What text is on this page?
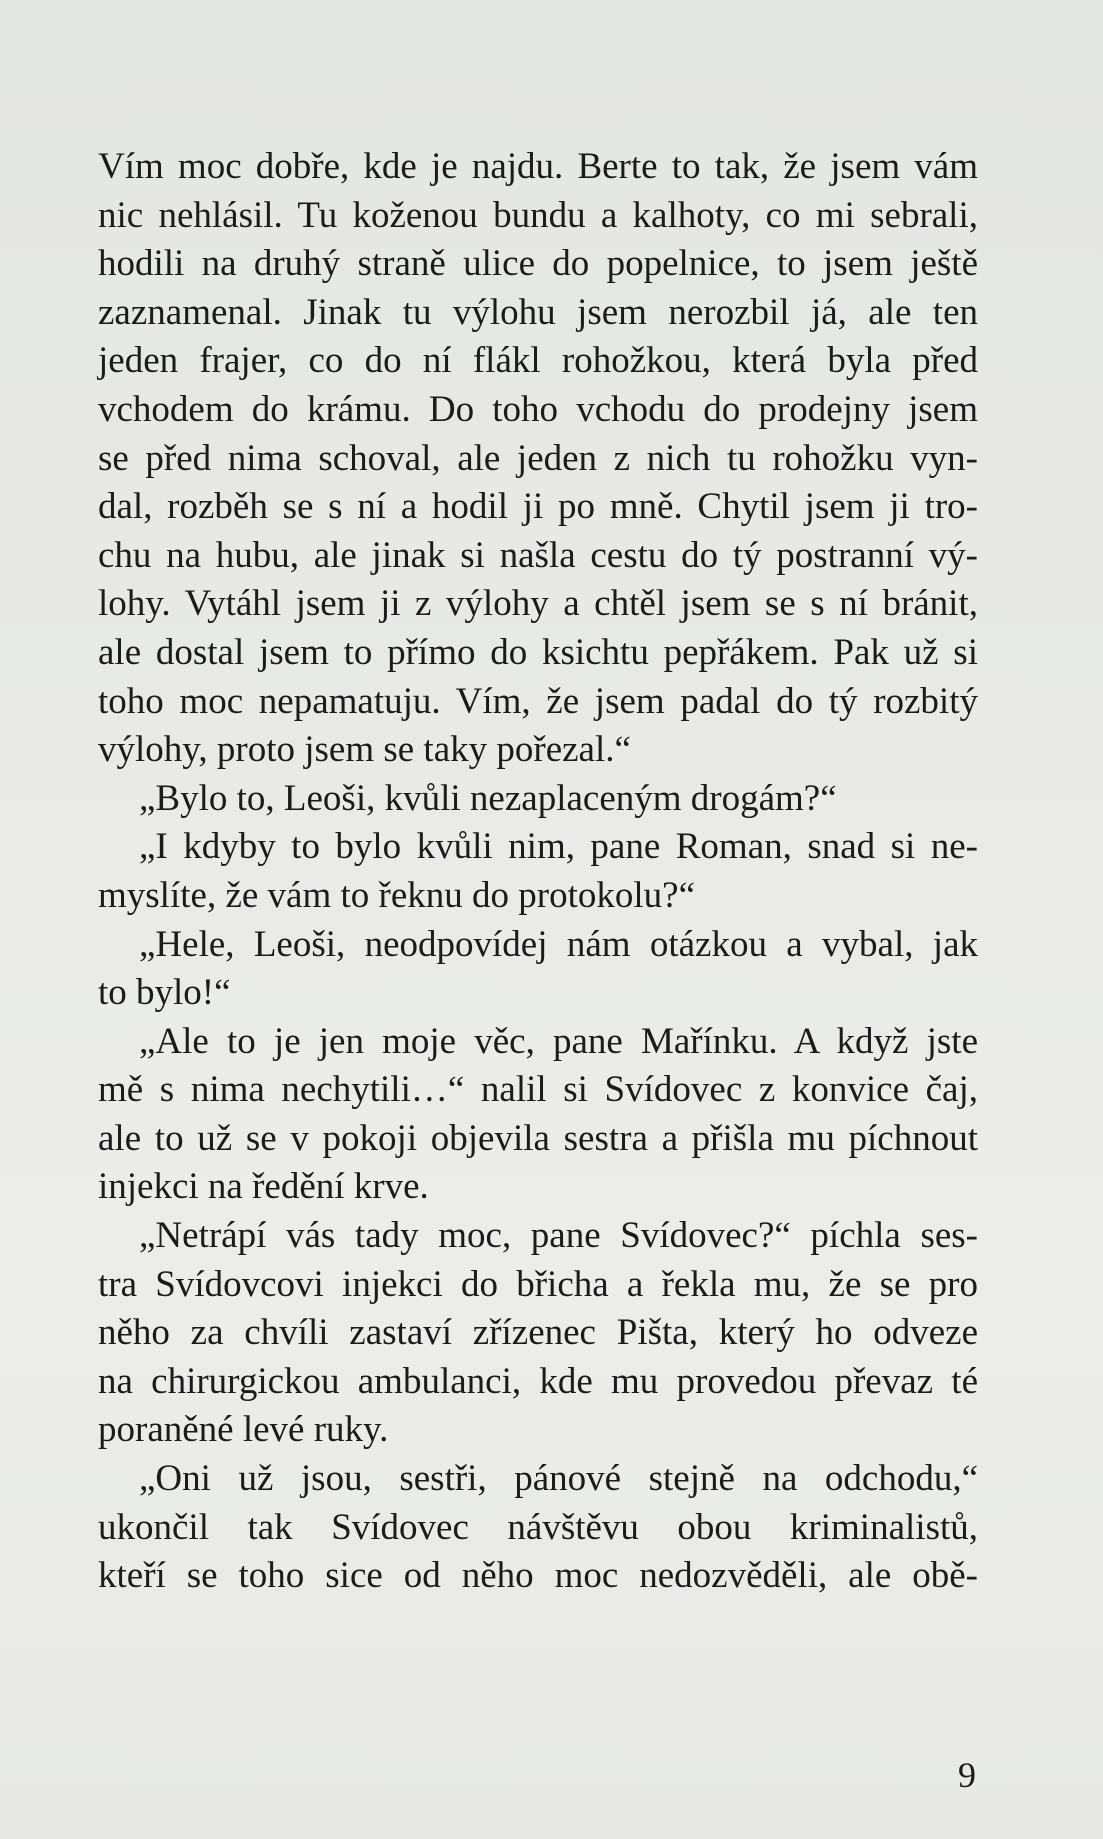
Vím moc dobře, kde je najdu. Berte to tak, že jsem vám
nic nehlásil. Tu koženou bundu a kalhoty, co mi sebrali,
hodili na druhý straně ulice do popelnice, to jsem ještě
zaznamenal. Jinak tu výlohu jsem nerozbil já, ale ten
jeden frajer, co do ní flákl rohožkou, která byla před
vchodem do krámu. Do toho vchodu do prodejny jsem
se před nima schoval, ale jeden z nich tu rohožku vyn-
dal, rozběh se s ní a hodil ji po mně. Chytil jsem ji tro-
chu na hubu, ale jinak si našla cestu do tý postranní vý-
lohy. Vytáhl jsem ji z výlohy a chtěl jsem se s ní bránit,
ale dostal jsem to přímo do ksichtu pepřákem. Pak už si
toho moc nepamatuju. Vím, že jsem padal do tý rozbitý
výlohy, proto jsem se taky pořezal.“
„Bylo to, Leoši, kvůli nezaplaceným drogám?“
„I kdyby to bylo kvůli nim, pane Roman, snad si ne-
myslíte, že vám to řeknu do protokolu?“
„Hele, Leoši, neodpovídej nám otázkou a vybal, jak
to bylo!“
„Ale to je jen moje věc, pane Mařínku. A když jste
mě s nima nechytili…“ nalil si Svídovec z konvice čaj,
ale to už se v pokoji objevila sestra a přišla mu píchnout
injekci na ředění krve.
„Netrápí vás tady moc, pane Svídovec?“ píchla ses-
tra Svídovcovi injekci do břicha a řekla mu, že se pro
něho za chvíli zastaví zřízenec Pišta, který ho odveze
na chirurgickou ambulanci, kde mu provedou převaz té
poraněné levé ruky.
„Oni už jsou, sestři, pánové stejně na odchodu,“
ukončil tak Svídovec návštěvu obou kriminalistů,
kteří se toho sice od něho moc nedozvěděli, ale obě-
9
